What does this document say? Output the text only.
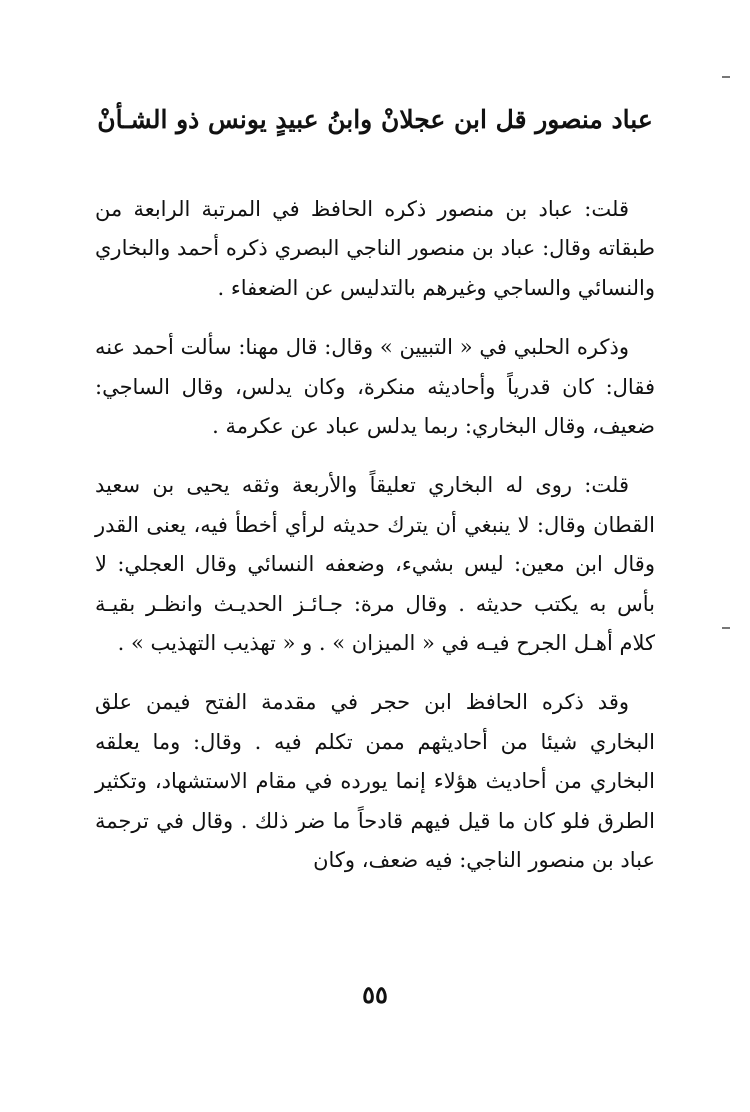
عباد منصور قل ابن عجلانْ وابنُ عبيدٍ يونس ذو الشـأنْ

قلت: عباد بن منصور ذكره الحافظ في المرتبة الرابعة من طبقاته وقال: عباد بن منصور الناجي البصري ذكره أحمد والبخاري والنسائي والساجي وغيرهم بالتدليس عن الضعفاء .

وذكره الحلبي في « التبيين » وقال: قال مهنا: سألت أحمد عنه فقال: كان قدرياً وأحاديثه منكرة، وكان يدلس، وقال الساجي: ضعيف، وقال البخاري: ربما يدلس عباد عن عكرمة .

قلت: روى له البخاري تعليقاً والأربعة وثقه يحيى بن سعيد القطان وقال: لا ينبغي أن يترك حديثه لرأي أخطأ فيه، يعنى القدر وقال ابن معين: ليس بشيء، وضعفه النسائي وقال العجلي: لا بأس به يكتب حديثه . وقال مرة: جـائـز الحديـث وانظـر بقيـة كلام أهـل الجرح فيـه في « الميزان » . و « تهذيب التهذيب » .

وقد ذكره الحافظ ابن حجر في مقدمة الفتح فيمن علق البخاري شيئا من أحاديثهم ممن تكلم فيه . وقال: وما يعلقه البخاري من أحاديث هؤلاء إنما يورده في مقام الاستشهاد، وتكثير الطرق فلو كان ما قيل فيهم قادحاً ما ضر ذلك . وقال في ترجمة عباد بن منصور الناجي: فيه ضعف، وكان

٥٥
